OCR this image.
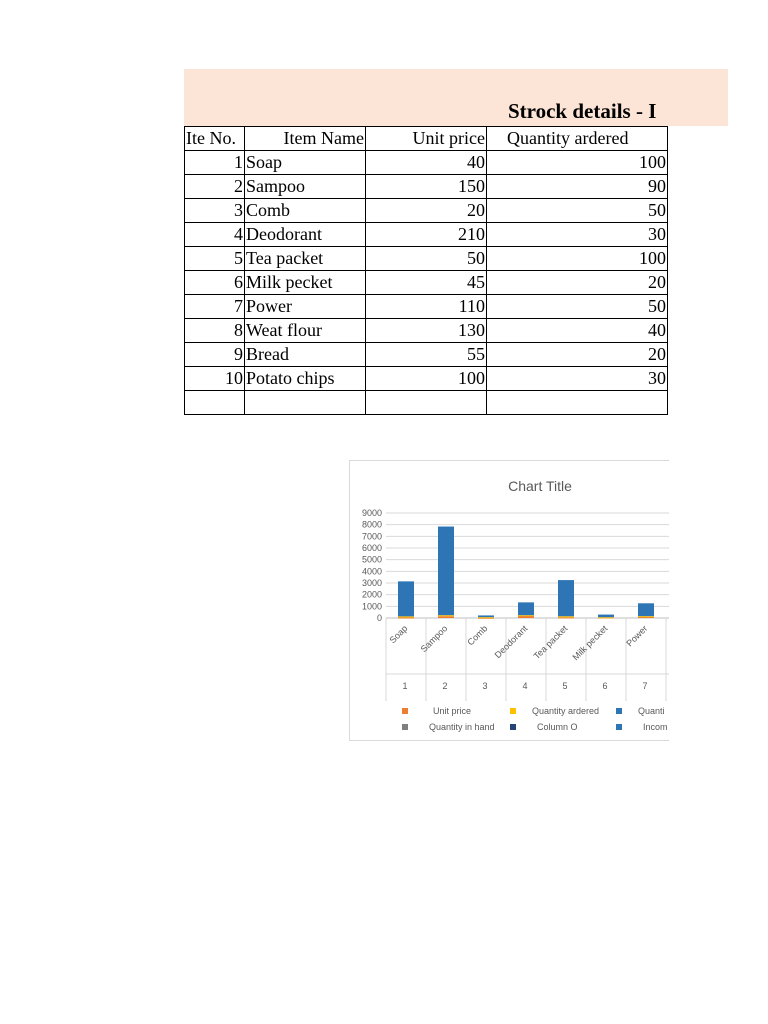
Strock details - I
Ite No.	Item Name	Unit price	Quantity ardered
1	Soap	40	100
2	Sampoo	150	90
3	Comb	20	50
4	Deodorant	210	30
5	Tea packet	50	100
6	Milk pecket	45	20
7	Power	110	50
8	Weat flour	130	40
9	Bread	55	20
10	Potato chips	100	30

Chart Title
0
1000
2000
3000
4000
5000
6000
7000
8000
9000
Soap
1
Sampoo
2
Comb
3
Deodorant
4
Tea packet
5
Milk pecket
6
Power
7
Unit price	Quantity ardered	Quanti
Quantity in hand	Column O	Incom
